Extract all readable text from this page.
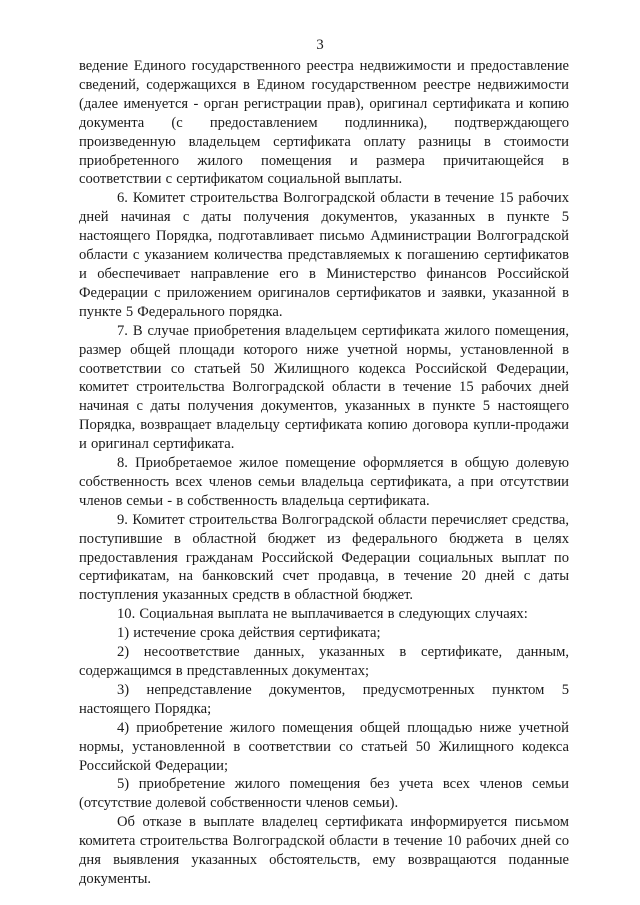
3

ведение Единого государственного реестра недвижимости и предоставление сведений, содержащихся в Едином государственном реестре недвижимости (далее именуется - орган регистрации прав), оригинал сертификата и копию документа (с предоставлением подлинника), подтверждающего произведенную владельцем сертификата оплату разницы в стоимости приобретенного жилого помещения и размера причитающейся в соответствии с сертификатом социальной выплаты.

6. Комитет строительства Волгоградской области в течение 15 рабочих дней начиная с даты получения документов, указанных в пункте 5 настоящего Порядка, подготавливает письмо Администрации Волгоградской области с указанием количества представляемых к погашению сертификатов и обеспечивает направление его в Министерство финансов Российской Федерации с приложением оригиналов сертификатов и заявки, указанной в пункте 5 Федерального порядка.

7. В случае приобретения владельцем сертификата жилого помещения, размер общей площади которого ниже учетной нормы, установленной в соответствии со статьей 50 Жилищного кодекса Российской Федерации, комитет строительства Волгоградской области в течение 15 рабочих дней начиная с даты получения документов, указанных в пункте 5 настоящего Порядка, возвращает владельцу сертификата копию договора купли-продажи и оригинал сертификата.

8. Приобретаемое жилое помещение оформляется в общую долевую собственность всех членов семьи владельца сертификата, а при отсутствии членов семьи - в собственность владельца сертификата.

9. Комитет строительства Волгоградской области перечисляет средства, поступившие в областной бюджет из федерального бюджета в целях предоставления гражданам Российской Федерации социальных выплат по сертификатам, на банковский счет продавца, в течение 20 дней с даты поступления указанных средств в областной бюджет.

10. Социальная выплата не выплачивается в следующих случаях:

1) истечение срока действия сертификата;

2) несоответствие данных, указанных в сертификате, данным, содержащимся в представленных документах;

3) непредставление документов, предусмотренных пунктом 5 настоящего Порядка;

4) приобретение жилого помещения общей площадью ниже учетной нормы, установленной в соответствии со статьей 50 Жилищного кодекса Российской Федерации;

5) приобретение жилого помещения без учета всех членов семьи (отсутствие долевой собственности членов семьи).

Об отказе в выплате владелец сертификата информируется письмом комитета строительства Волгоградской области в течение 10 рабочих дней со дня выявления указанных обстоятельств, ему возвращаются поданные документы.
